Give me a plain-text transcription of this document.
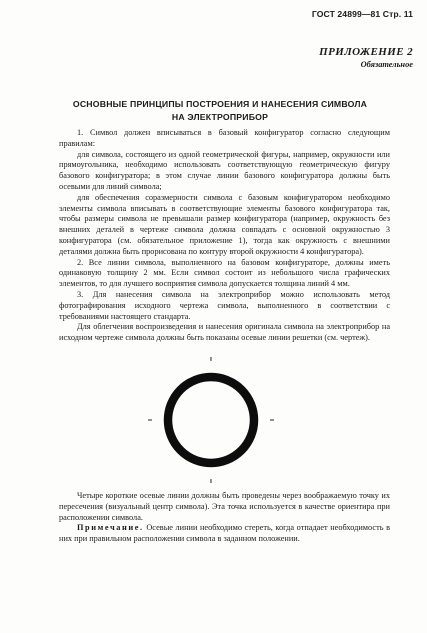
ГОСТ 24899—81 Стр. 11
ПРИЛОЖЕНИЕ 2
Обязательное
ОСНОВНЫЕ ПРИНЦИПЫ ПОСТРОЕНИЯ И НАНЕСЕНИЯ СИМВОЛА
НА ЭЛЕКТРОПРИБОР

1. Символ должен вписываться в базовый конфигуратор согласно следующим правилам:

для символа, состоящего из одной геометрической фигуры, например, окружности или прямоугольника, необходимо использовать соответствующую геометрическую фигуру базового конфигуратора; в этом случае линии базового конфигуратора должны быть осевыми для линий символа;

для обеспечения соразмерности символа с базовым конфигуратором необходимо элементы символа вписывать в соответствующие элементы базового конфигуратора так, чтобы размеры символа не превышали размер конфигуратора (например, окружность без внешних деталей в чертеже символа должна совпадать с основной окружностью 3 конфигуратора (см. обязательное приложение 1), тогда как окружность с внешними деталями должна быть прорисована по контуру второй окружности 4 конфигуратора).

2. Все линии символа, выполненного на базовом конфигураторе, должны иметь одинаковую толщину 2 мм. Если символ состоит из небольшого числа графических элементов, то для лучшего восприятия символа допускается толщина линий 4 мм.

3. Для нанесения символа на электроприбор можно использовать метод фотографирования исходного чертежа символа, выполненного в соответствии с требованиями настоящего стандарта.

Для облегчения воспроизведения и нанесения оригинала символа на электроприбор на исходном чертеже символа должны быть показаны осевые линии решетки (см. чертеж).

Четыре короткие осевые линии должны быть проведены через воображаемую точку их пересечения (визуальный центр символа). Эта точка используется в качестве ориентира при расположении символа.

Примечание. Осевые линии необходимо стереть, когда отпадает необходимость в них при правильном расположении символа в заданном положении.
